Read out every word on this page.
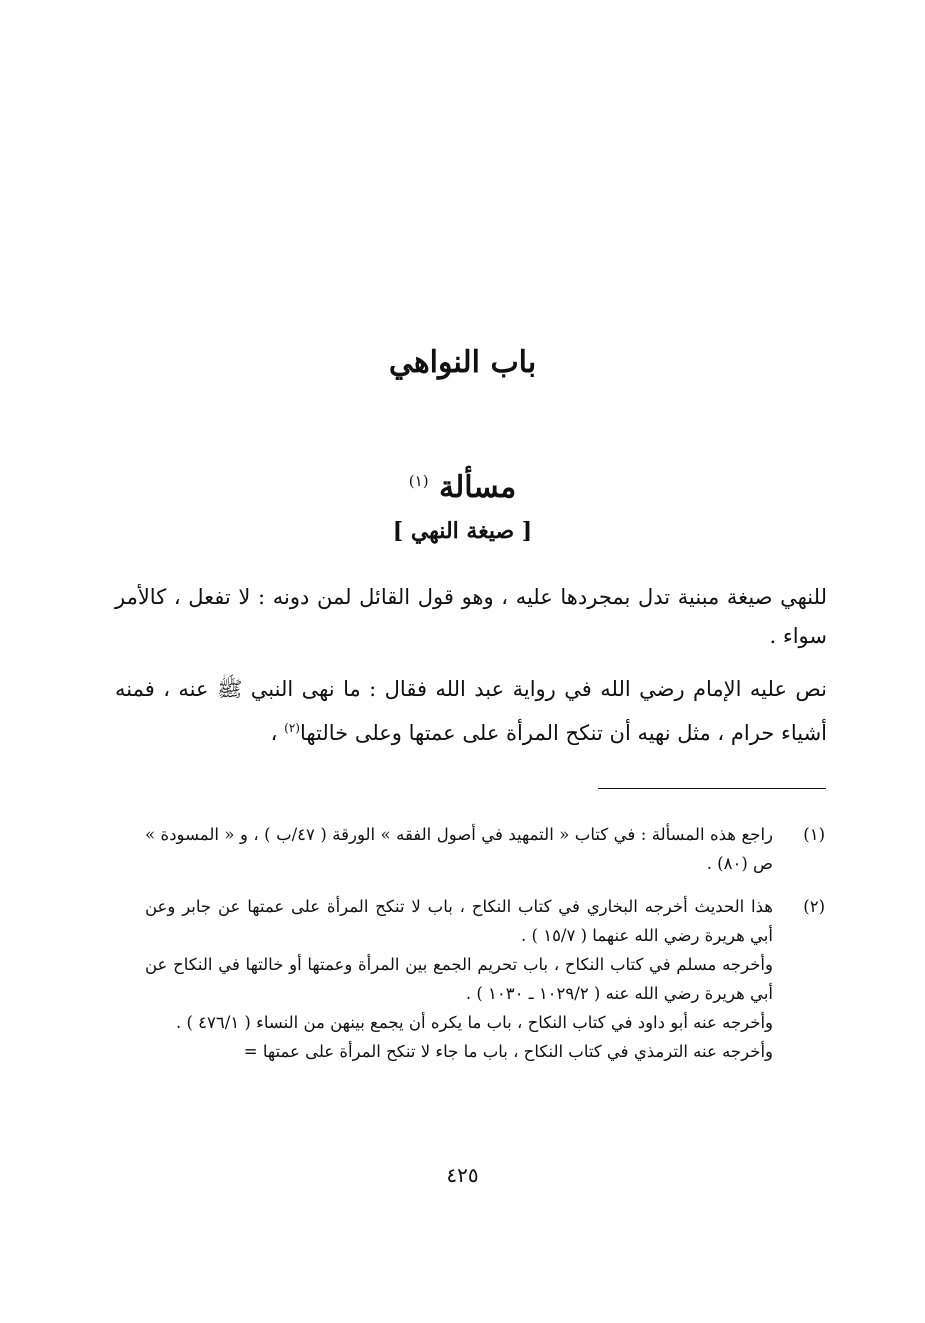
باب النواهي
مسألة $^{(١)}$
[ صيغة النهي ]

للنهي صيغة مبنية تدل بمجردها عليه ، وهو قول القائل لمن دونه : لا تفعل ، كالأمر سواء .

نص عليه الإمام رضي الله في رواية عبد الله فقال : ما نهى النبي ﷺ عنه ، فمنه أشياء حرام ، مثل نهيه أن تنكح المرأة على عمتها وعلى خالتها$^{(٢)}$ ،

(١)

راجع هذه المسألة : في كتاب « التمهيد في أصول الفقه » الورقة ( ٤٧/ب ) ، و « المسودة » ص (٨٠) .

(٢)

هذا الحديث أخرجه البخاري في كتاب النكاح ، باب لا تنكح المرأة على عمتها عن جابر وعن أبي هريرة رضي الله عنهما ( ١٥/٧ ) .

وأخرجه مسلم في كتاب النكاح ، باب تحريم الجمع بين المرأة وعمتها أو خالتها في النكاح عن أبي هريرة رضي الله عنه ( ١٠٢٩/٢ ـ ١٠٣٠ ) .

وأخرجه عنه أبو داود في كتاب النكاح ، باب ما يكره أن يجمع بينهن من النساء ( ٤٧٦/١ ) .

وأخرجه عنه الترمذي في كتاب النكاح ، باب ما جاء لا تنكح المرأة على عمتها =

٤٢٥
